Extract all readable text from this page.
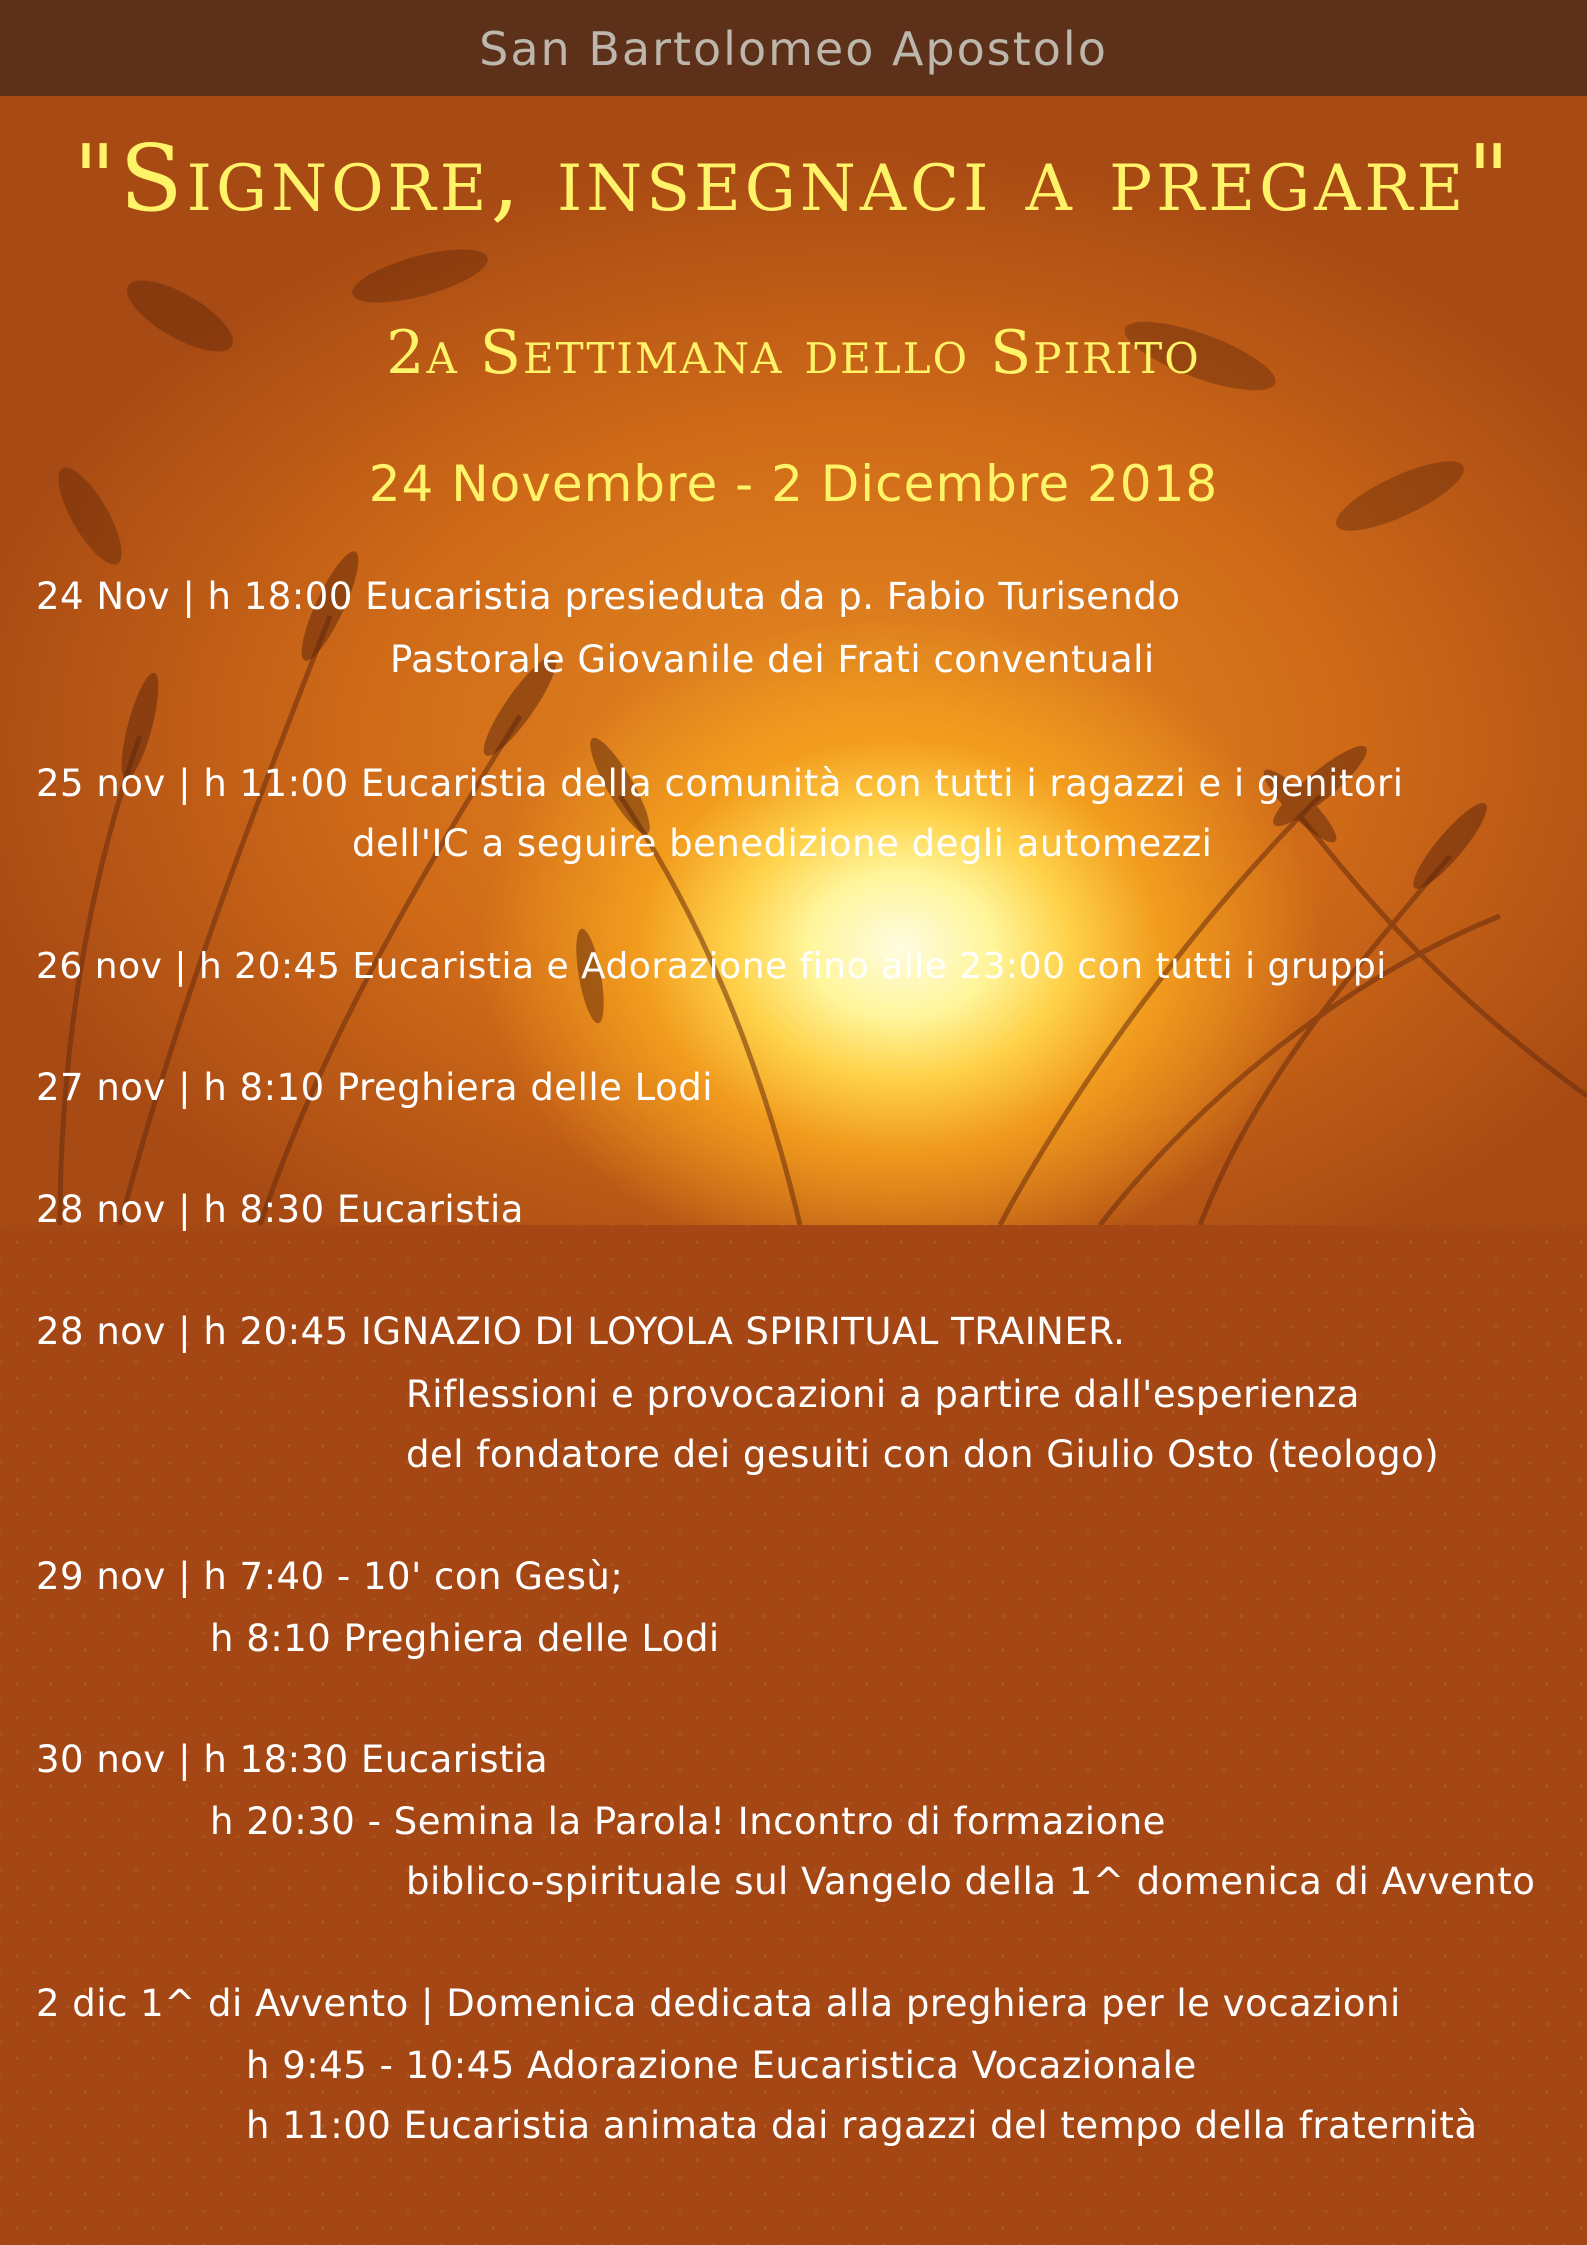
San Bartolomeo Apostolo
"Signore, insegnaci a pregare"
2a Settimana dello Spirito
24 Novembre - 2 Dicembre 2018
24 Nov | h 18:00 Eucaristia presieduta da p. Fabio Turisendo
Pastorale Giovanile dei Frati conventuali
25 nov | h 11:00 Eucaristia della comunità con tutti i ragazzi e i genitori
dell'IC a seguire benedizione degli automezzi
26 nov | h 20:45 Eucaristia e Adorazione fino alle 23:00 con tutti i gruppi
27 nov | h 8:10 Preghiera delle Lodi
28 nov | h 8:30 Eucaristia
28 nov | h 20:45 IGNAZIO DI LOYOLA SPIRITUAL TRAINER.
Riflessioni e provocazioni a partire dall'esperienza
del fondatore dei gesuiti con don Giulio Osto (teologo)
29 nov | h 7:40 - 10' con Gesù;
h 8:10 Preghiera delle Lodi
30 nov | h 18:30 Eucaristia
h 20:30 - Semina la Parola! Incontro di formazione
biblico-spirituale sul Vangelo della 1^ domenica di Avvento
2 dic 1^ di Avvento | Domenica dedicata alla preghiera per le vocazioni
h 9:45 - 10:45 Adorazione Eucaristica Vocazionale
h 11:00 Eucaristia animata dai ragazzi del tempo della fraternità
